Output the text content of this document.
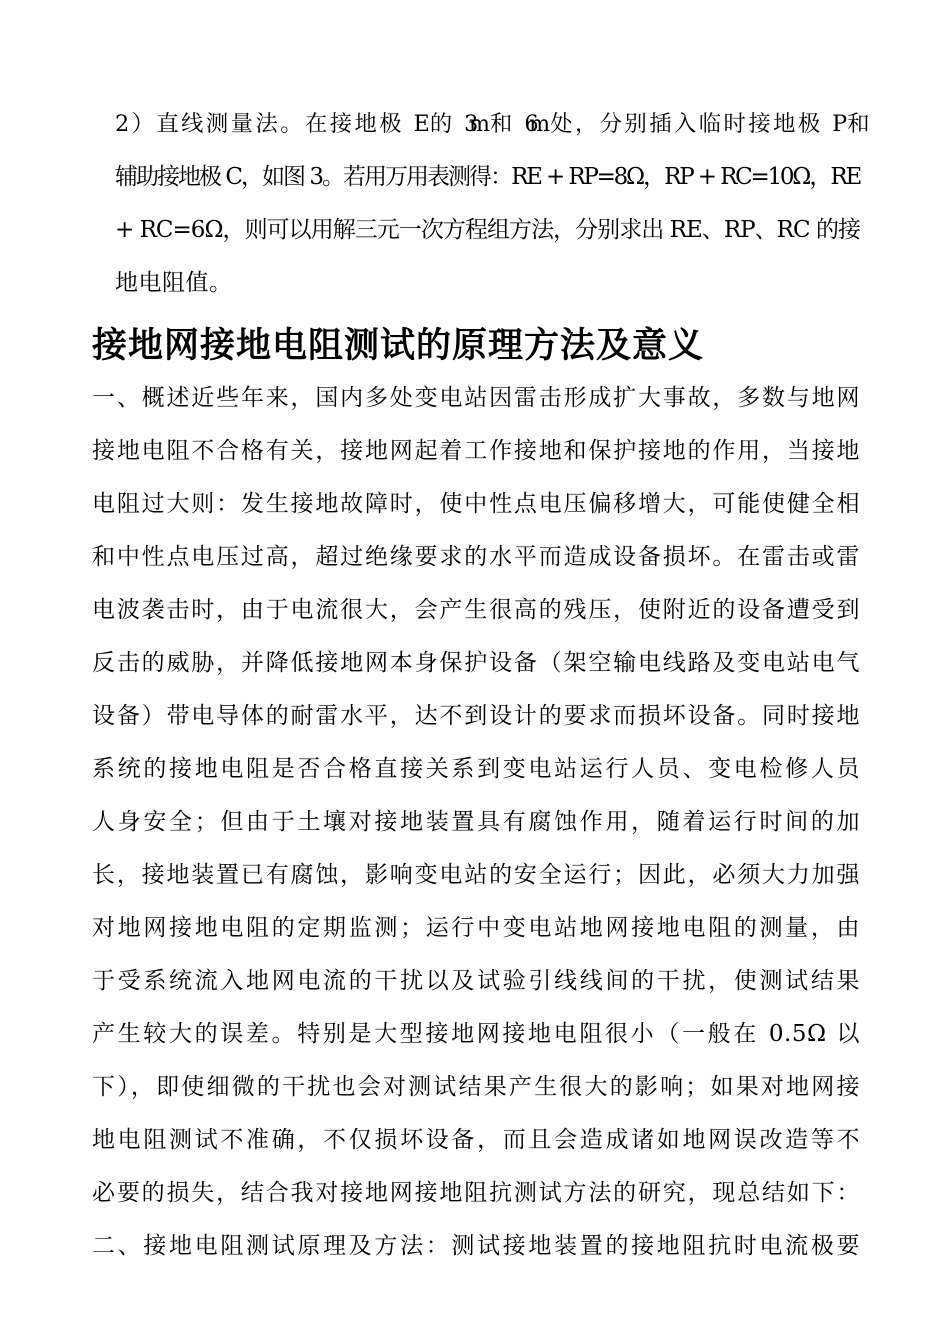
2）直线测量法。在接地极 E 的 3m 和 6m 处，分别插入临时接地极 P 和
辅助接地极 C，如图 3。若用万用表测得：RE + RP=8Ω，RP + RC=10Ω，RE
+ RC=6Ω，则可以用解三元一次方程组方法，分别求出 RE、RP、RC 的接
地电阻值。
接地网接地电阻测试的原理方法及意义
一、概述近些年来，国内多处变电站因雷击形成扩大事故，多数与地网
接地电阻不合格有关，接地网起着工作接地和保护接地的作用，当接地
电阻过大则：发生接地故障时，使中性点电压偏移增大，可能使健全相
和中性点电压过高，超过绝缘要求的水平而造成设备损坏。在雷击或雷
电波袭击时，由于电流很大，会产生很高的残压，使附近的设备遭受到
反击的威胁，并降低接地网本身保护设备（架空输电线路及变电站电气
设备）带电导体的耐雷水平，达不到设计的要求而损坏设备。同时接地
系统的接地电阻是否合格直接关系到变电站运行人员、变电检修人员
人身安全；但由于土壤对接地装置具有腐蚀作用，随着运行时间的加
长，接地装置已有腐蚀，影响变电站的安全运行；因此，必须大力加强
对地网接地电阻的定期监测；运行中变电站地网接地电阻的测量，由
于受系统流入地网电流的干扰以及试验引线线间的干扰，使测试结果
产生较大的误差。特别是大型接地网接地电阻很小（一般在 0.5Ω 以
下），即使细微的干扰也会对测试结果产生很大的影响；如果对地网接
地电阻测试不准确，不仅损坏设备，而且会造成诸如地网误改造等不
必要的损失，结合我对接地网接地阻抗测试方法的研究，现总结如下：
二、接地电阻测试原理及方法：测试接地装置的接地阻抗时电流极要
